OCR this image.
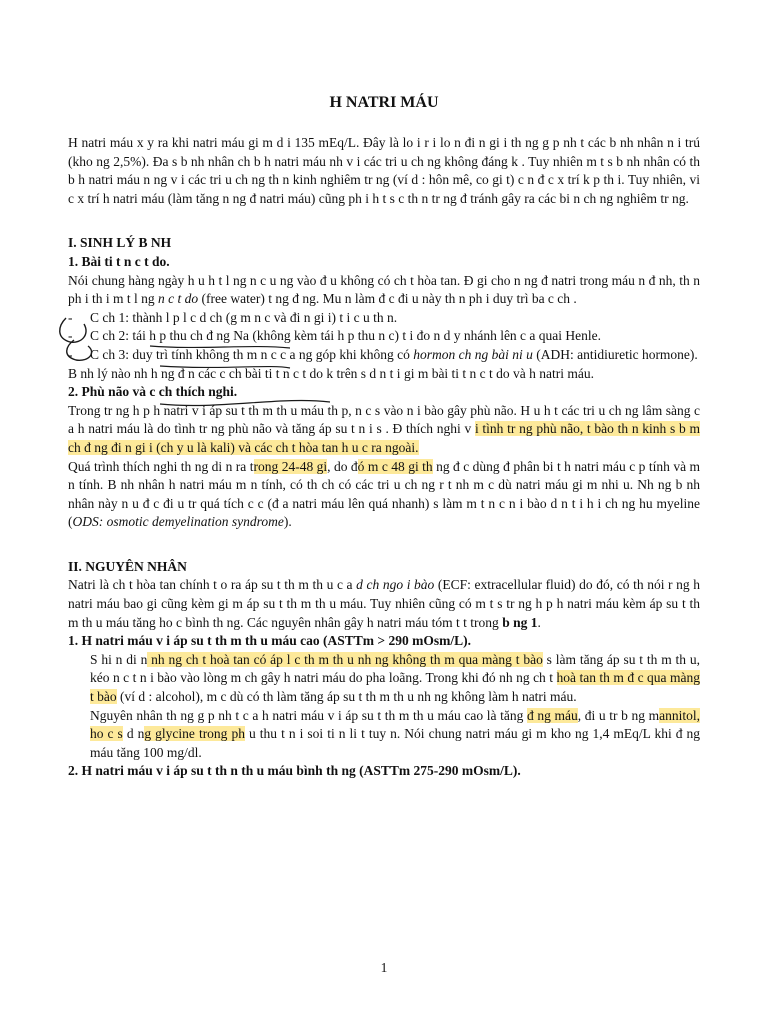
H NATRI MÁU

H natri máu x y ra khi natri máu gi m d i 135 mEq/L. Đây là lo i r i lo n đi n gi i th ng g p nh t các b nh nhân n i trú (kho ng 2,5%). Đa s b nh nhân ch b h natri máu nh v i các tri u ch ng không đáng k . Tuy nhiên m t s b nh nhân có th b h natri máu n ng v i các tri u ch ng th n kinh nghiêm tr ng (ví d : hôn mê, co gi t) c n đ c x trí k p th i. Tuy nhiên, vi c x trí h natri máu (làm tăng n ng đ natri máu) cũng ph i h t s c th n tr ng đ tránh gây ra các bi n ch ng nghiêm tr ng.

I. SINH LÝ B NH

1. Bài ti t n c t do.

Nói chung hàng ngày h u h t l ng n c u ng vào đ u không có ch t hòa tan. Đ gi cho n ng đ natri trong máu n đ nh, th n ph i th i m t l ng n c t do (free water) t ng đ ng. Mu n làm đ c đi u này th n ph i duy trì ba c ch .

- C ch 1: thành l p l c d ch (g m n c và đi n gi i) t i c u th n.

- C ch 2: tái h p thu ch đ ng Na (không kèm tái h p thu n c) t i đo n d y nhánh lên c a quai Henle.

- C ch 3: duy trì tính không th m n c c a ng góp khi không có hormon ch ng bài ni u (ADH: antidiuretic hormone).

B nh lý nào nh h ng đ n các c ch bài ti t n c t do k trên s d n t i gi m bài ti t n c t do và h natri máu.

2. Phù não và c ch thích nghi.

Trong tr ng h p h natri v i áp su t th m th u máu th p, n c s vào n i bào gây phù não. H u h t các tri u ch ng lâm sàng c a h natri máu là do tình tr ng phù não và tăng áp su t n i s . Đ thích nghi v i tình tr ng phù não, t bào th n kinh s b m ch đ ng đi n gi i (ch y u là kali) và các ch t hòa tan h u c ra ngoài.

Quá trình thích nghi th ng di n ra trong 24-48 gi, do đó m c 48 gi th ng đ c dùng đ phân bi t h natri máu c p tính và m n tính. B nh nhân h natri máu m n tính, có th ch có các tri u ch ng r t nh m c dù natri máu gi m nhi u. Nh ng b nh nhân này n u đ c đi u tr quá tích c c (đ a natri máu lên quá nhanh) s làm m t n c n i bào d n t i h i ch ng hu myeline (ODS: osmotic demyelination syndrome).

II. NGUYÊN NHÂN

Natri là ch t hòa tan chính t o ra áp su t th m th u c a d ch ngo i bào (ECF: extracellular fluid) do đó, có th nói r ng h natri máu bao gi cũng kèm gi m áp su t th m th u máu. Tuy nhiên cũng có m t s tr ng h p h natri máu kèm áp su t th m th u máu tăng ho c bình th ng. Các nguyên nhân gây h natri máu tóm t t trong b ng 1.

1. H natri máu v i áp su t th m th u máu cao (ASTTm > 290 mOsm/L).

S hi n di n nh ng ch t hoà tan có áp l c th m th u nh ng không th m qua màng t bào s làm tăng áp su t th m th u, kéo n c t n i bào vào lòng m ch gây h natri máu do pha loãng. Trong khi đó nh ng ch t hoà tan th m đ c qua màng t bào (ví d : alcohol), m c dù có th làm tăng áp su t th m th u nh ng không làm h natri máu.

Nguyên nhân th ng g p nh t c a h natri máu v i áp su t th m th u máu cao là tăng đ ng máu, đi u tr b ng mannitol, ho c s d ng glycine trong ph u thu t n i soi ti n li t tuy n. Nói chung natri máu gi m kho ng 1,4 mEq/L khi đ ng máu tăng 100 mg/dl.

2. H natri máu v i áp su t th n th u máu bình th ng (ASTTm 275-290 mOsm/L).

1
